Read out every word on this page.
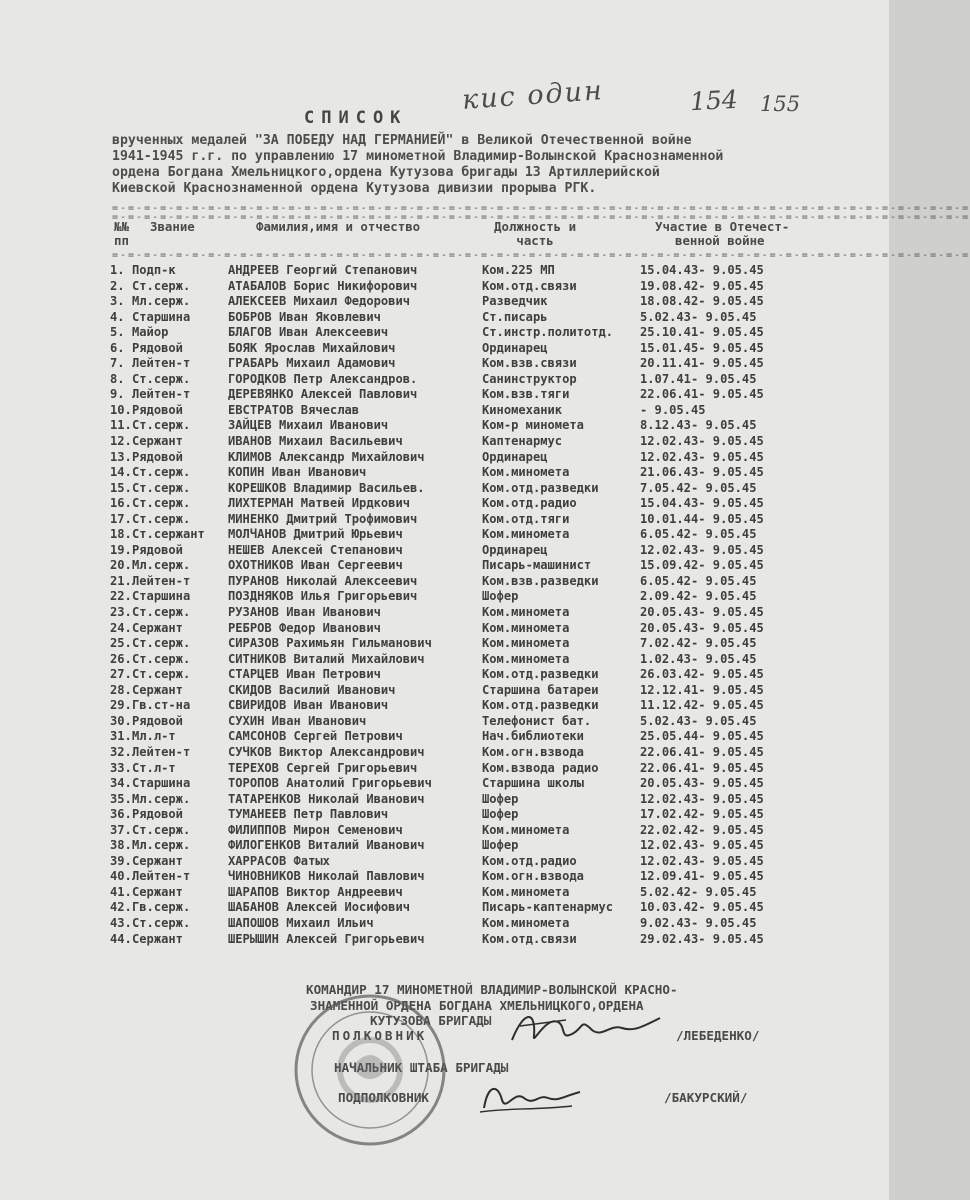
кис один	154 155
СПИСОК
врученных медалей "ЗА ПОБЕДУ НАД ГЕРМАНИЕЙ" в Великой Отечественной войне
1941-1945 г.г. по управлению 17 минометной Владимир-Волынской Краснознаменной
ордена Богдана Хмельницкого,ордена Кутузова бригады 13 Артиллерийской
Киевской Краснознаменной ордена Кутузова дивизии прорыва РГК.
=-=-=-=-=-=-=-=-=-=-=-=-=-=-=-=-=-=-=-=-=-=-=-=-=-=-=-=-=-=-=-=-=-=-=-=-=-=-=-=-=-=-=-=-=-=-=-=-=-=-=-=-=-=
=-=-=-=-=-=-=-=-=-=-=-=-=-=-=-=-=-=-=-=-=-=-=-=-=-=-=-=-=-=-=-=-=-=-=-=-=-=-=-=-=-=-=-=-=-=-=-=-=-=-=-=-=-=
№№
пп
Звание	Фамилия,имя и отчество	Должность и
часть
Участие в Отечест-
венной войне
=-=-=-=-=-=-=-=-=-=-=-=-=-=-=-=-=-=-=-=-=-=-=-=-=-=-=-=-=-=-=-=-=-=-=-=-=-=-=-=-=-=-=-=-=-=-=-=-=-=-=-=-=-=
1. Подп-к	АНДРЕЕВ Георгий Степанович	Ком.225 МП	15.04.43- 9.05.45
2. Ст.серж.	АТАБАЛОВ Борис Никифорович	Ком.отд.связи	19.08.42- 9.05.45
3. Мл.серж.	АЛЕКСЕЕВ Михаил Федорович	Разведчик	18.08.42- 9.05.45
4. Старшина	БОБРОВ Иван Яковлевич	Ст.писарь	5.02.43- 9.05.45
5. Майор	БЛАГОВ Иван Алексеевич	Ст.инстр.политотд.	25.10.41- 9.05.45
6. Рядовой	БОЯК Ярослав Михайлович	Ординарец	15.01.45- 9.05.45
7. Лейтен-т	ГРАБАРЬ Михаил Адамович	Ком.взв.связи	20.11.41- 9.05.45
8. Ст.серж.	ГОРОДКОВ Петр Александров.	Санинструктор	1.07.41- 9.05.45
9. Лейтен-т	ДЕРЕВЯНКО Алексей Павлович	Ком.взв.тяги	22.06.41- 9.05.45
10. Рядовой	ЕВСТРАТОВ Вячеслав	Киномеханик	- 9.05.45
11. Ст.серж.	ЗАЙЦЕВ Михаил Иванович	Ком-р миномета	8.12.43- 9.05.45
12. Сержант	ИВАНОВ Михаил Васильевич	Каптенармус	12.02.43- 9.05.45
13. Рядовой	КЛИМОВ Александр Михайлович	Ординарец	12.02.43- 9.05.45
14. Ст.серж.	КОПИН Иван Иванович	Ком.миномета	21.06.43- 9.05.45
15. Ст.серж.	КОРЕШКОВ Владимир Васильев.	Ком.отд.разведки	7.05.42- 9.05.45
16. Ст.серж.	ЛИХТЕРМАН Матвей Ирдкович	Ком.отд.радио	15.04.43- 9.05.45
17. Ст.серж.	МИНЕНКО Дмитрий Трофимович	Ком.отд.тяги	10.01.44- 9.05.45
18. Ст.сержант	МОЛЧАНОВ Дмитрий Юрьевич	Ком.миномета	6.05.42- 9.05.45
19. Рядовой	НЕШЕВ Алексей Степанович	Ординарец	12.02.43- 9.05.45
20. Мл.серж.	ОХОТНИКОВ Иван Сергеевич	Писарь-машинист	15.09.42- 9.05.45
21. Лейтен-т	ПУРАНОВ Николай Алексеевич	Ком.взв.разведки	6.05.42- 9.05.45
22. Старшина	ПОЗДНЯКОВ Илья Григорьевич	Шофер	2.09.42- 9.05.45
23. Ст.серж.	РУЗАНОВ Иван Иванович	Ком.миномета	20.05.43- 9.05.45
24. Сержант	РЕБРОВ Федор Иванович	Ком.миномета	20.05.43- 9.05.45
25. Ст.серж.	СИРАЗОВ Рахимьян Гильманович	Ком.миномета	7.02.42- 9.05.45
26. Ст.серж.	СИТНИКОВ Виталий Михайлович	Ком.миномета	1.02.43- 9.05.45
27. Ст.серж.	СТАРЦЕВ Иван Петрович	Ком.отд.разведки	26.03.42- 9.05.45
28. Сержант	СКИДОВ Василий Иванович	Старшина батареи	12.12.41- 9.05.45
29. Гв.ст-на	СВИРИДОВ Иван Иванович	Ком.отд.разведки	11.12.42- 9.05.45
30. Рядовой	СУХИН Иван Иванович	Телефонист бат.	5.02.43- 9.05.45
31. Мл.л-т	САМСОНОВ Сергей Петрович	Нач.библиотеки	25.05.44- 9.05.45
32. Лейтен-т	СУЧКОВ Виктор Александрович	Ком.огн.взвода	22.06.41- 9.05.45
33. Ст.л-т	ТЕРЕХОВ Сергей Григорьевич	Ком.взвода радио	22.06.41- 9.05.45
34. Старшина	ТОРОПОВ Анатолий Григорьевич	Старшина школы	20.05.43- 9.05.45
35. Мл.серж.	ТАТАРЕНКОВ Николай Иванович	Шофер	12.02.43- 9.05.45
36. Рядовой	ТУМАНЕЕВ Петр Павлович	Шофер	17.02.42- 9.05.45
37. Ст.серж.	ФИЛИППОВ Мирон Семенович	Ком.миномета	22.02.42- 9.05.45
38. Мл.серж.	ФИЛОГЕНКОВ Виталий Иванович	Шофер	12.02.43- 9.05.45
39. Сержант	ХАРРАСОВ Фатых	Ком.отд.радио	12.02.43- 9.05.45
40. Лейтен-т	ЧИНОВНИКОВ Николай Павлович	Ком.огн.взвода	12.09.41- 9.05.45
41. Сержант	ШАРАПОВ Виктор Андреевич	Ком.миномета	5.02.42- 9.05.45
42. Гв.серж.	ШАБАНОВ Алексей Иосифович	Писарь-каптенармус	10.03.42- 9.05.45
43. Ст.серж.	ШАПОШОВ Михаил Ильич	Ком.миномета	9.02.43- 9.05.45
44. Сержант	ШЕРЫШИН Алексей Григорьевич	Ком.отд.связи	29.02.43- 9.05.45
КОМАНДИР 17 МИНОМЕТНОЙ ВЛАДИМИР-ВОЛЫНСКОЙ КРАСНО-
ЗНАМЕННОЙ ОРДЕНА БОГДАНА ХМЕЛЬНИЦКОГО,ОРДЕНА
КУТУЗОВА БРИГАДЫ
ПОЛКОВНИК	/ЛЕБЕДЕНКО/
НАЧАЛЬНИК ШТАБА БРИГАДЫ
ПОДПОЛКОВНИК	/БАКУРСКИЙ/
